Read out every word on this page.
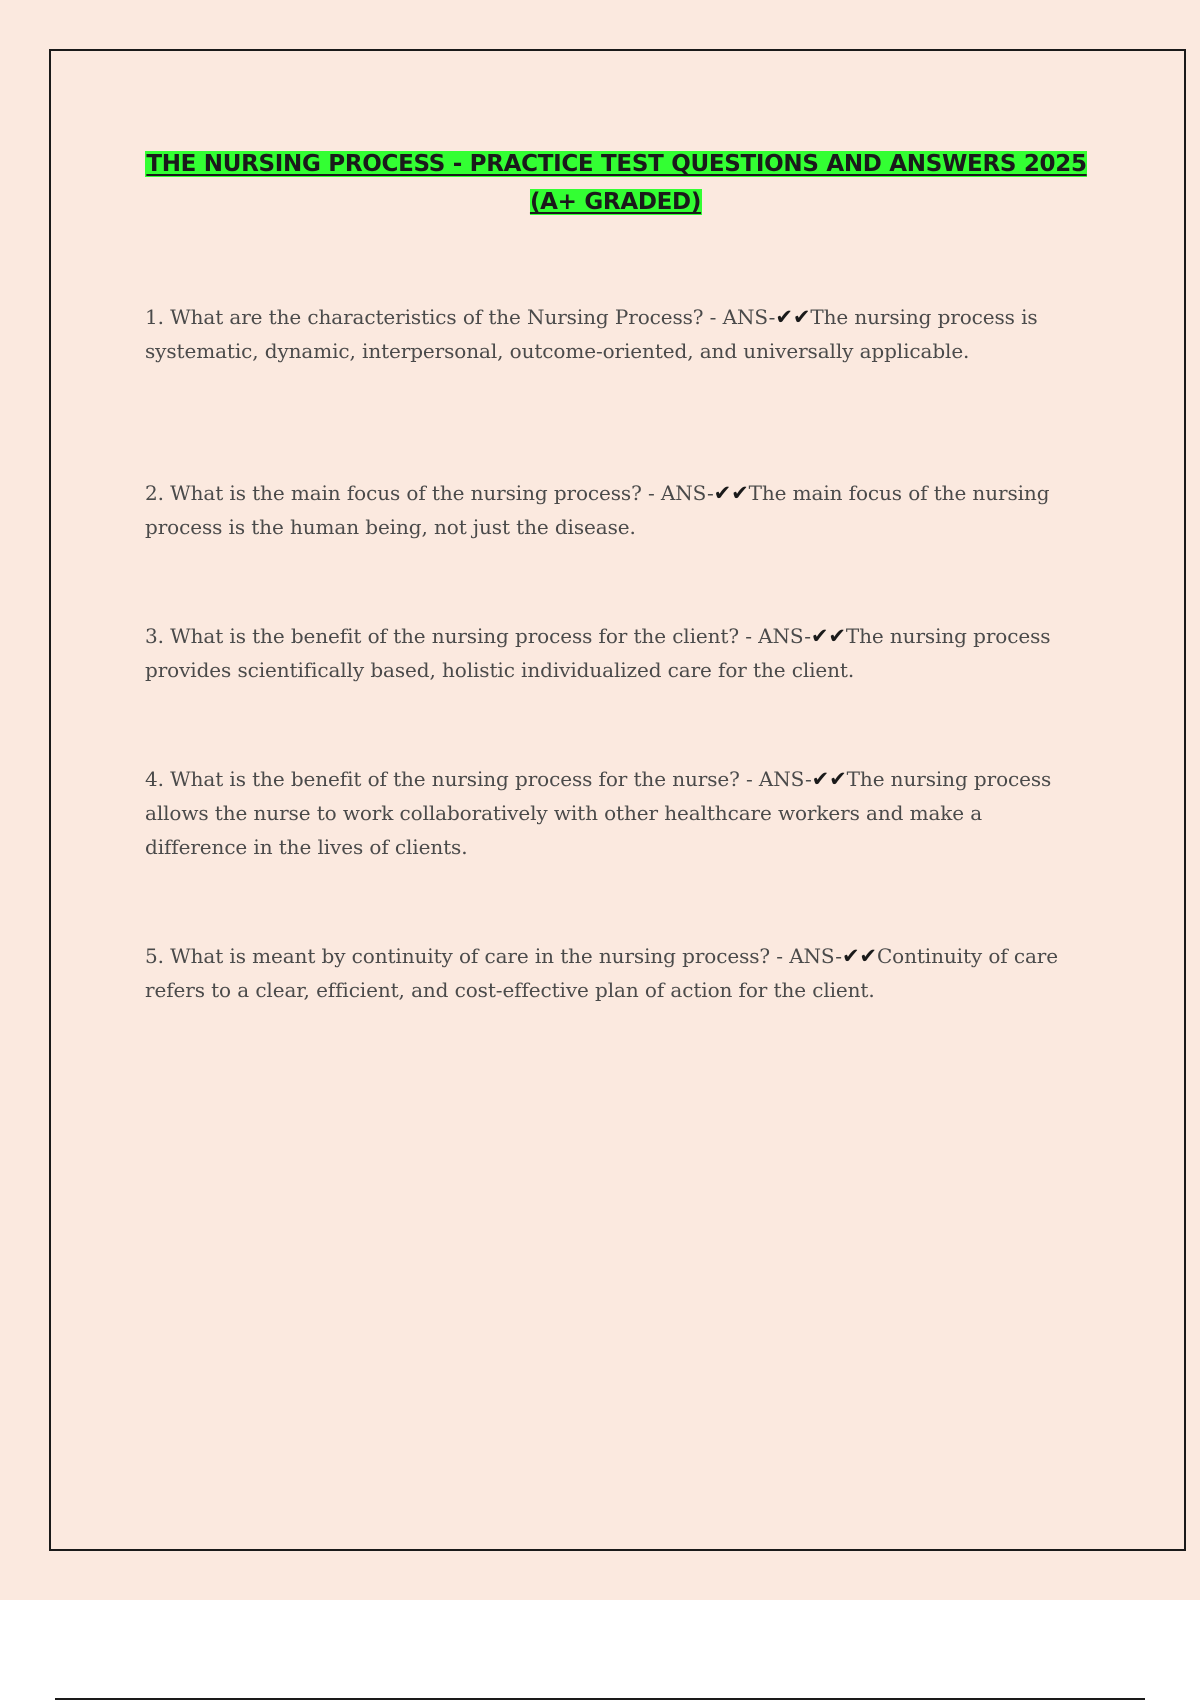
THE NURSING PROCESS - PRACTICE TEST QUESTIONS AND ANSWERS 2025 (A+ GRADED)
1. What are the characteristics of the Nursing Process? - ANS-✔✔The nursing process is systematic, dynamic, interpersonal, outcome-oriented, and universally applicable.
2. What is the main focus of the nursing process? - ANS-✔✔The main focus of the nursing process is the human being, not just the disease.
3. What is the benefit of the nursing process for the client? - ANS-✔✔The nursing process provides scientifically based, holistic individualized care for the client.
4. What is the benefit of the nursing process for the nurse? - ANS-✔✔The nursing process allows the nurse to work collaboratively with other healthcare workers and make a difference in the lives of clients.
5. What is meant by continuity of care in the nursing process? - ANS-✔✔Continuity of care refers to a clear, efficient, and cost-effective plan of action for the client.
